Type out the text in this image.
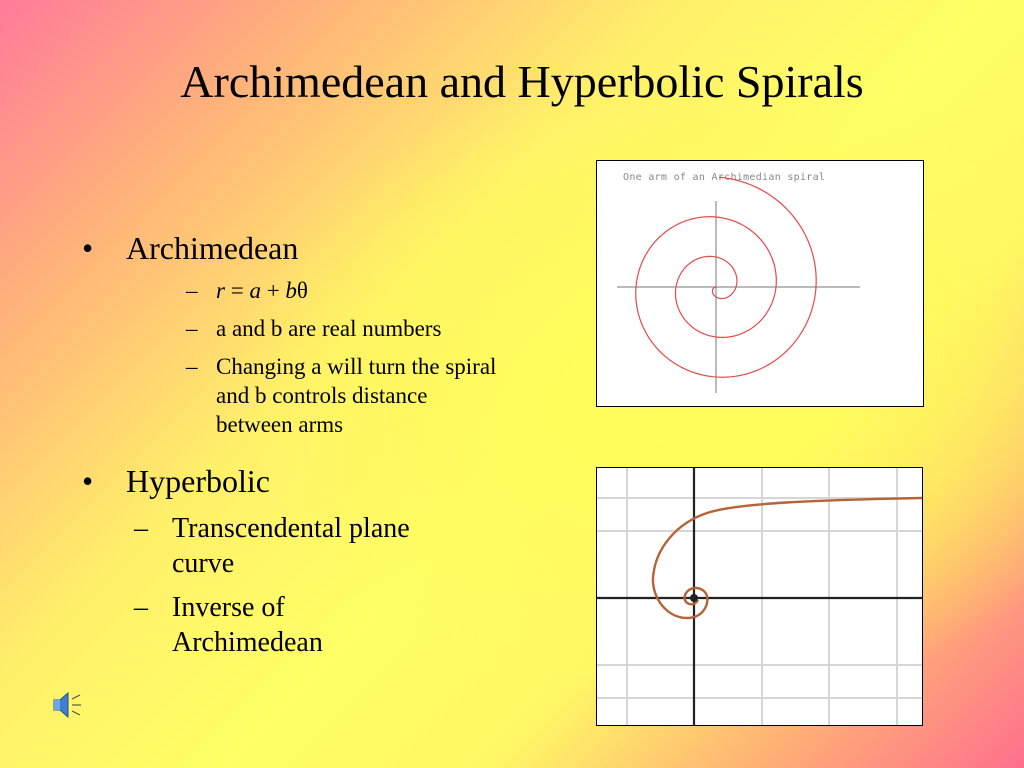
Archimedean and Hyperbolic Spirals
•	Archimedean
– r = a + bθ
– a and b are real numbers
– Changing a will turn the spiral and b controls distance between arms
•	Hyperbolic
– Transcendental plane curve
– Inverse of Archimedean
One arm of an Archimedian spiral
